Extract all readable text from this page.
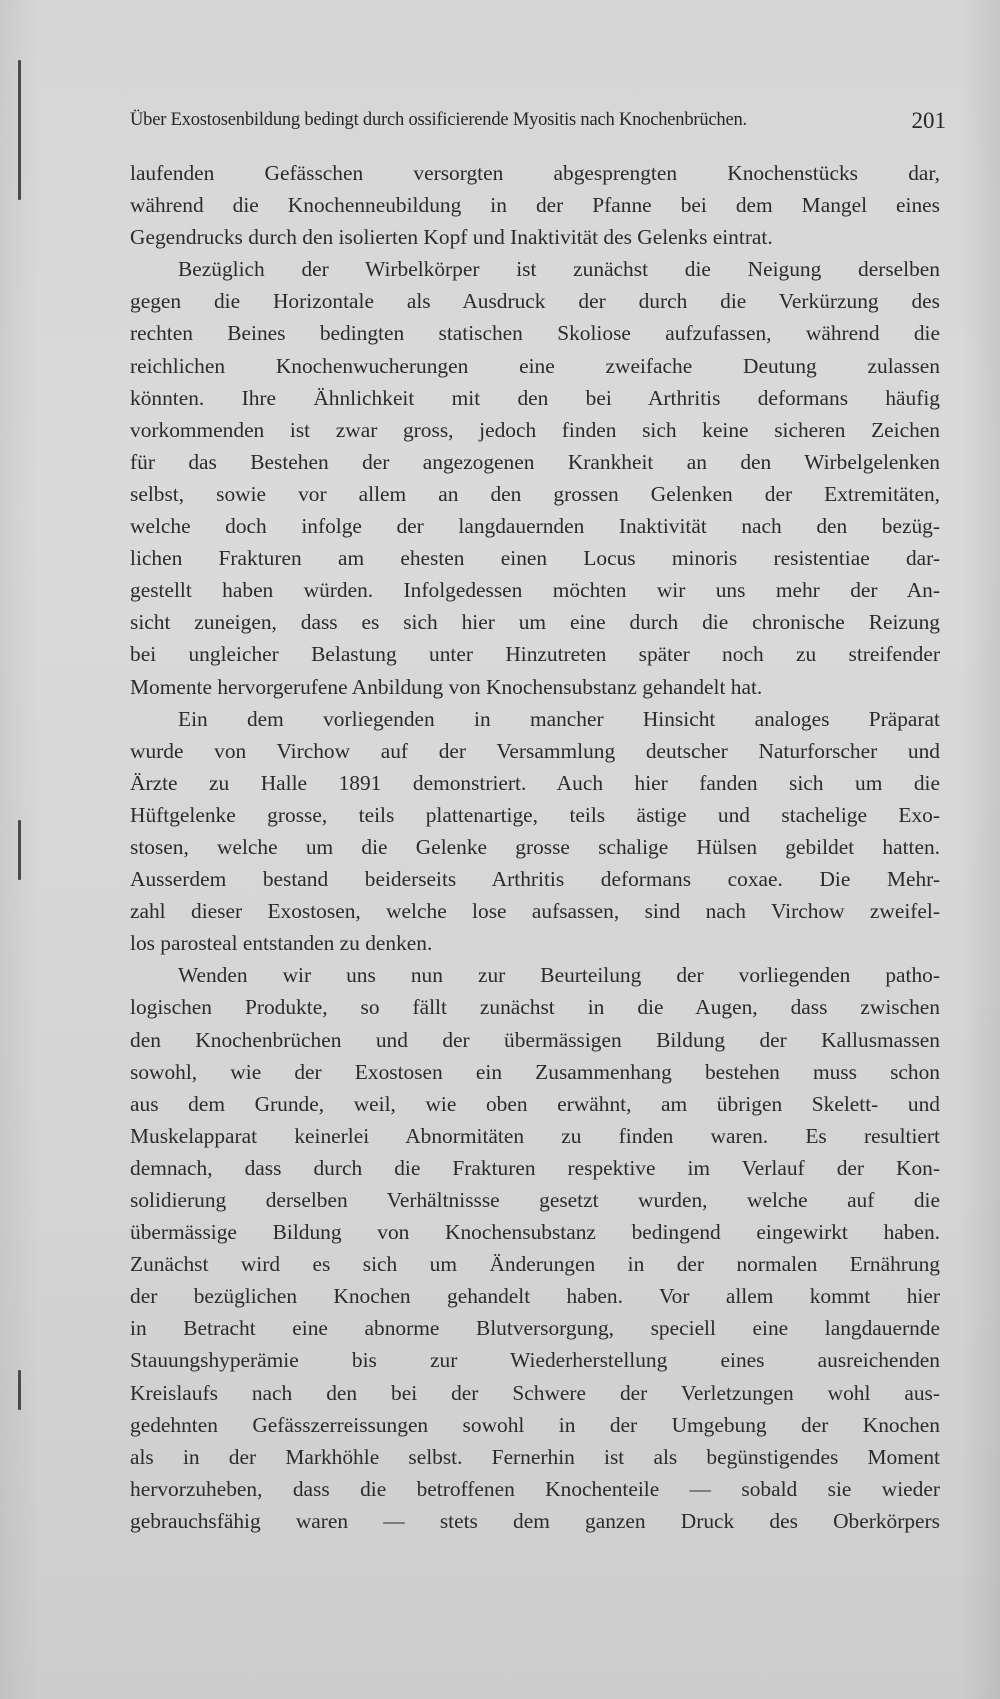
Über Exostosenbildung bedingt durch ossificierende Myositis nach Knochenbrüchen.	201
laufenden Gefässchen versorgten abgesprengten Knochenstücks dar,
während die Knochenneubildung in der Pfanne bei dem Mangel eines
Gegendrucks durch den isolierten Kopf und Inaktivität des Gelenks eintrat.
Bezüglich der Wirbelkörper ist zunächst die Neigung derselben
gegen die Horizontale als Ausdruck der durch die Verkürzung des
rechten Beines bedingten statischen Skoliose aufzufassen, während die
reichlichen Knochenwucherungen eine zweifache Deutung zulassen
könnten. Ihre Ähnlichkeit mit den bei Arthritis deformans häufig
vorkommenden ist zwar gross, jedoch finden sich keine sicheren Zeichen
für das Bestehen der angezogenen Krankheit an den Wirbelgelenken
selbst, sowie vor allem an den grossen Gelenken der Extremitäten,
welche doch infolge der langdauernden Inaktivität nach den bezüg-
lichen Frakturen am ehesten einen Locus minoris resistentiae dar-
gestellt haben würden. Infolgedessen möchten wir uns mehr der An-
sicht zuneigen, dass es sich hier um eine durch die chronische Reizung
bei ungleicher Belastung unter Hinzutreten später noch zu streifender
Momente hervorgerufene Anbildung von Knochensubstanz gehandelt hat.
Ein dem vorliegenden in mancher Hinsicht analoges Präparat
wurde von Virchow auf der Versammlung deutscher Naturforscher und
Ärzte zu Halle 1891 demonstriert. Auch hier fanden sich um die
Hüftgelenke grosse, teils plattenartige, teils ästige und stachelige Exo-
stosen, welche um die Gelenke grosse schalige Hülsen gebildet hatten.
Ausserdem bestand beiderseits Arthritis deformans coxae. Die Mehr-
zahl dieser Exostosen, welche lose aufsassen, sind nach Virchow zweifel-
los parosteal entstanden zu denken.
Wenden wir uns nun zur Beurteilung der vorliegenden patho-
logischen Produkte, so fällt zunächst in die Augen, dass zwischen
den Knochenbrüchen und der übermässigen Bildung der Kallusmassen
sowohl, wie der Exostosen ein Zusammenhang bestehen muss schon
aus dem Grunde, weil, wie oben erwähnt, am übrigen Skelett- und
Muskelapparat keinerlei Abnormitäten zu finden waren. Es resultiert
demnach, dass durch die Frakturen respektive im Verlauf der Kon-
solidierung derselben Verhältnissse gesetzt wurden, welche auf die
übermässige Bildung von Knochensubstanz bedingend eingewirkt haben.
Zunächst wird es sich um Änderungen in der normalen Ernährung
der bezüglichen Knochen gehandelt haben. Vor allem kommt hier
in Betracht eine abnorme Blutversorgung, speciell eine langdauernde
Stauungshyperämie bis zur Wiederherstellung eines ausreichenden
Kreislaufs nach den bei der Schwere der Verletzungen wohl aus-
gedehnten Gefässzerreissungen sowohl in der Umgebung der Knochen
als in der Markhöhle selbst. Fernerhin ist als begünstigendes Moment
hervorzuheben, dass die betroffenen Knochenteile — sobald sie wieder
gebrauchsfähig waren — stets dem ganzen Druck des Oberkörpers
